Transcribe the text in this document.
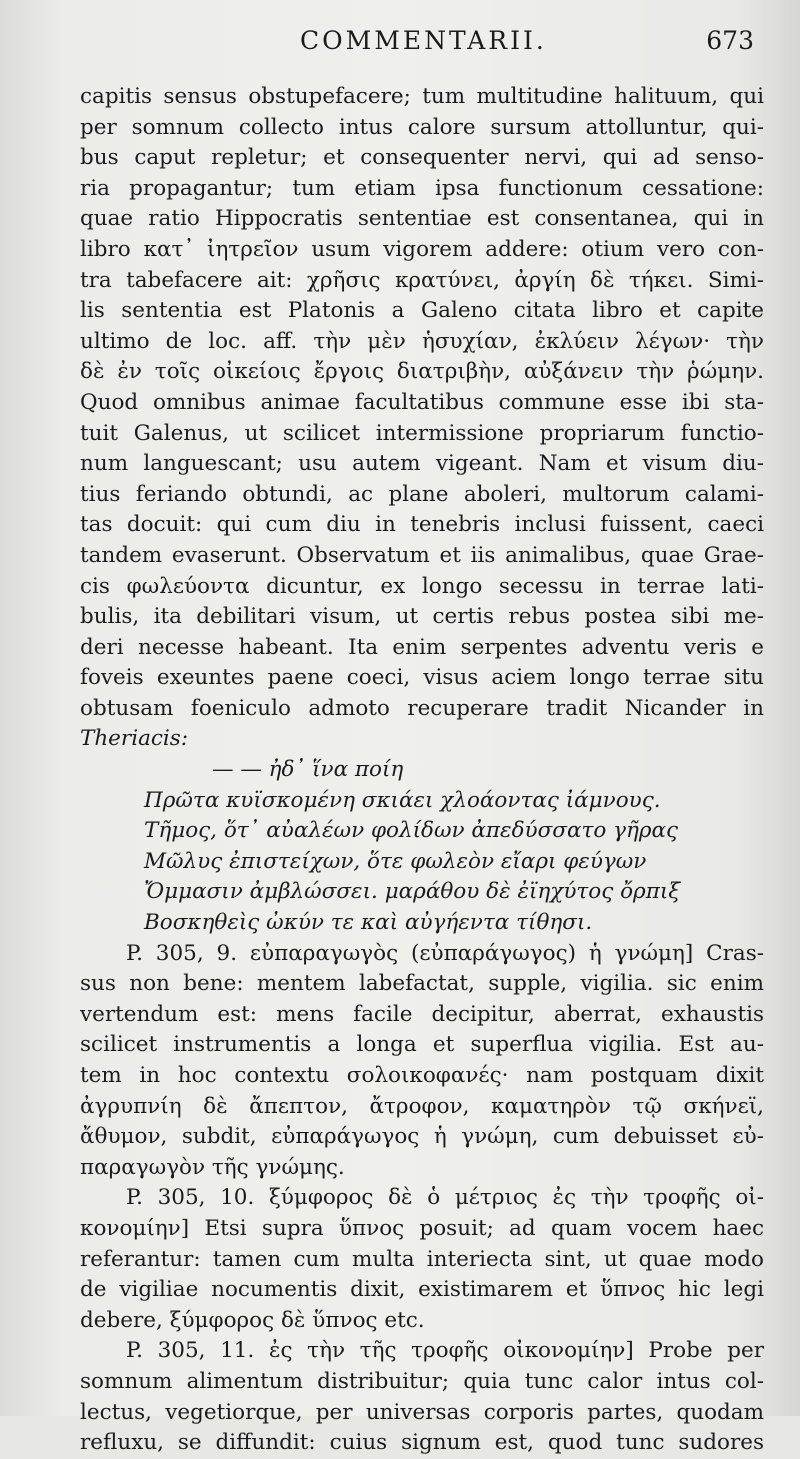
COMMENTARII.	673
capitis sensus obstupefacere; tum multitudine halituum, qui
per somnum collecto intus calore sursum attolluntur, qui-
bus caput repletur; et consequenter nervi, qui ad senso-
ria propagantur; tum etiam ipsa functionum cessatione:
quae ratio Hippocratis sententiae est consentanea, qui in
libro κατ᾽ ἰητρεῖον usum vigorem addere: otium vero con-
tra tabefacere ait: χρῆσις κρατύνει, ἀργίη δὲ τήκει. Simi-
lis sententia est Platonis a Galeno citata libro et capite
ultimo de loc. aff. τὴν μὲν ἡσυχίαν, ἐκλύειν λέγων· τὴν
δὲ ἐν τοῖς οἰκείοις ἔργοις διατριβὴν, αὐξάνειν τὴν ῥώμην.
Quod omnibus animae facultatibus commune esse ibi sta-
tuit Galenus, ut scilicet intermissione propriarum functio-
num languescant; usu autem vigeant. Nam et visum diu-
tius feriando obtundi, ac plane aboleri, multorum calami-
tas docuit: qui cum diu in tenebris inclusi fuissent, caeci
tandem evaserunt. Observatum et iis animalibus, quae Grae-
cis φωλεύοντα dicuntur, ex longo secessu in terrae lati-
bulis, ita debilitari visum, ut certis rebus postea sibi me-
deri necesse habeant. Ita enim serpentes adventu veris e
foveis exeuntes paene coeci, visus aciem longo terrae situ
obtusam foeniculo admoto recuperare tradit Nicander in
Theriacis:
— — ἠδ᾽ ἵνα ποίη
Πρῶτα κυϊσκομένη σκιάει χλοάοντας ἰάμνους.
Τῆμος, ὅτ᾽ αὐαλέων φολίδων ἀπεδύσσατο γῆρας
Μῶλυς ἐπιστείχων, ὅτε φωλεὸν εἴαρι φεύγων
Ὄμμασιν ἀμβλώσσει. μαράθου δὲ ἐϊηχύτος ὄρπιξ
Βοσκηθεὶς ὠκύν τε καὶ αὐγήεντα τίθησι.
P. 305, 9. εὐπαραγωγὸς (εὐπαράγωγος) ἡ γνώμη] Cras-
sus non bene: mentem labefactat, supple, vigilia. sic enim
vertendum est: mens facile decipitur, aberrat, exhaustis
scilicet instrumentis a longa et superflua vigilia. Est au-
tem in hoc contextu σολοικοφανές· nam postquam dixit
ἀγρυπνίη δὲ ἄπεπτον, ἄτροφον, καματηρὸν τῷ σκήνεϊ,
ἄθυμον, subdit, εὐπαράγωγος ἡ γνώμη, cum debuisset εὐ-
παραγωγὸν τῆς γνώμης.
P. 305, 10. ξύμφορος δὲ ὁ μέτριος ἐς τὴν τροφῆς οἰ-
κονομίην] Etsi supra ὕπνος posuit; ad quam vocem haec
referantur: tamen cum multa interiecta sint, ut quae modo
de vigiliae nocumentis dixit, existimarem et ὕπνος hic legi
debere, ξύμφορος δὲ ὕπνος etc.
P. 305, 11. ἐς τὴν τῆς τροφῆς οἰκονομίην] Probe per
somnum alimentum distribuitur; quia tunc calor intus col-
lectus, vegetiorque, per universas corporis partes, quodam
refluxu, se diffundit: cuius signum est, quod tunc sudores
